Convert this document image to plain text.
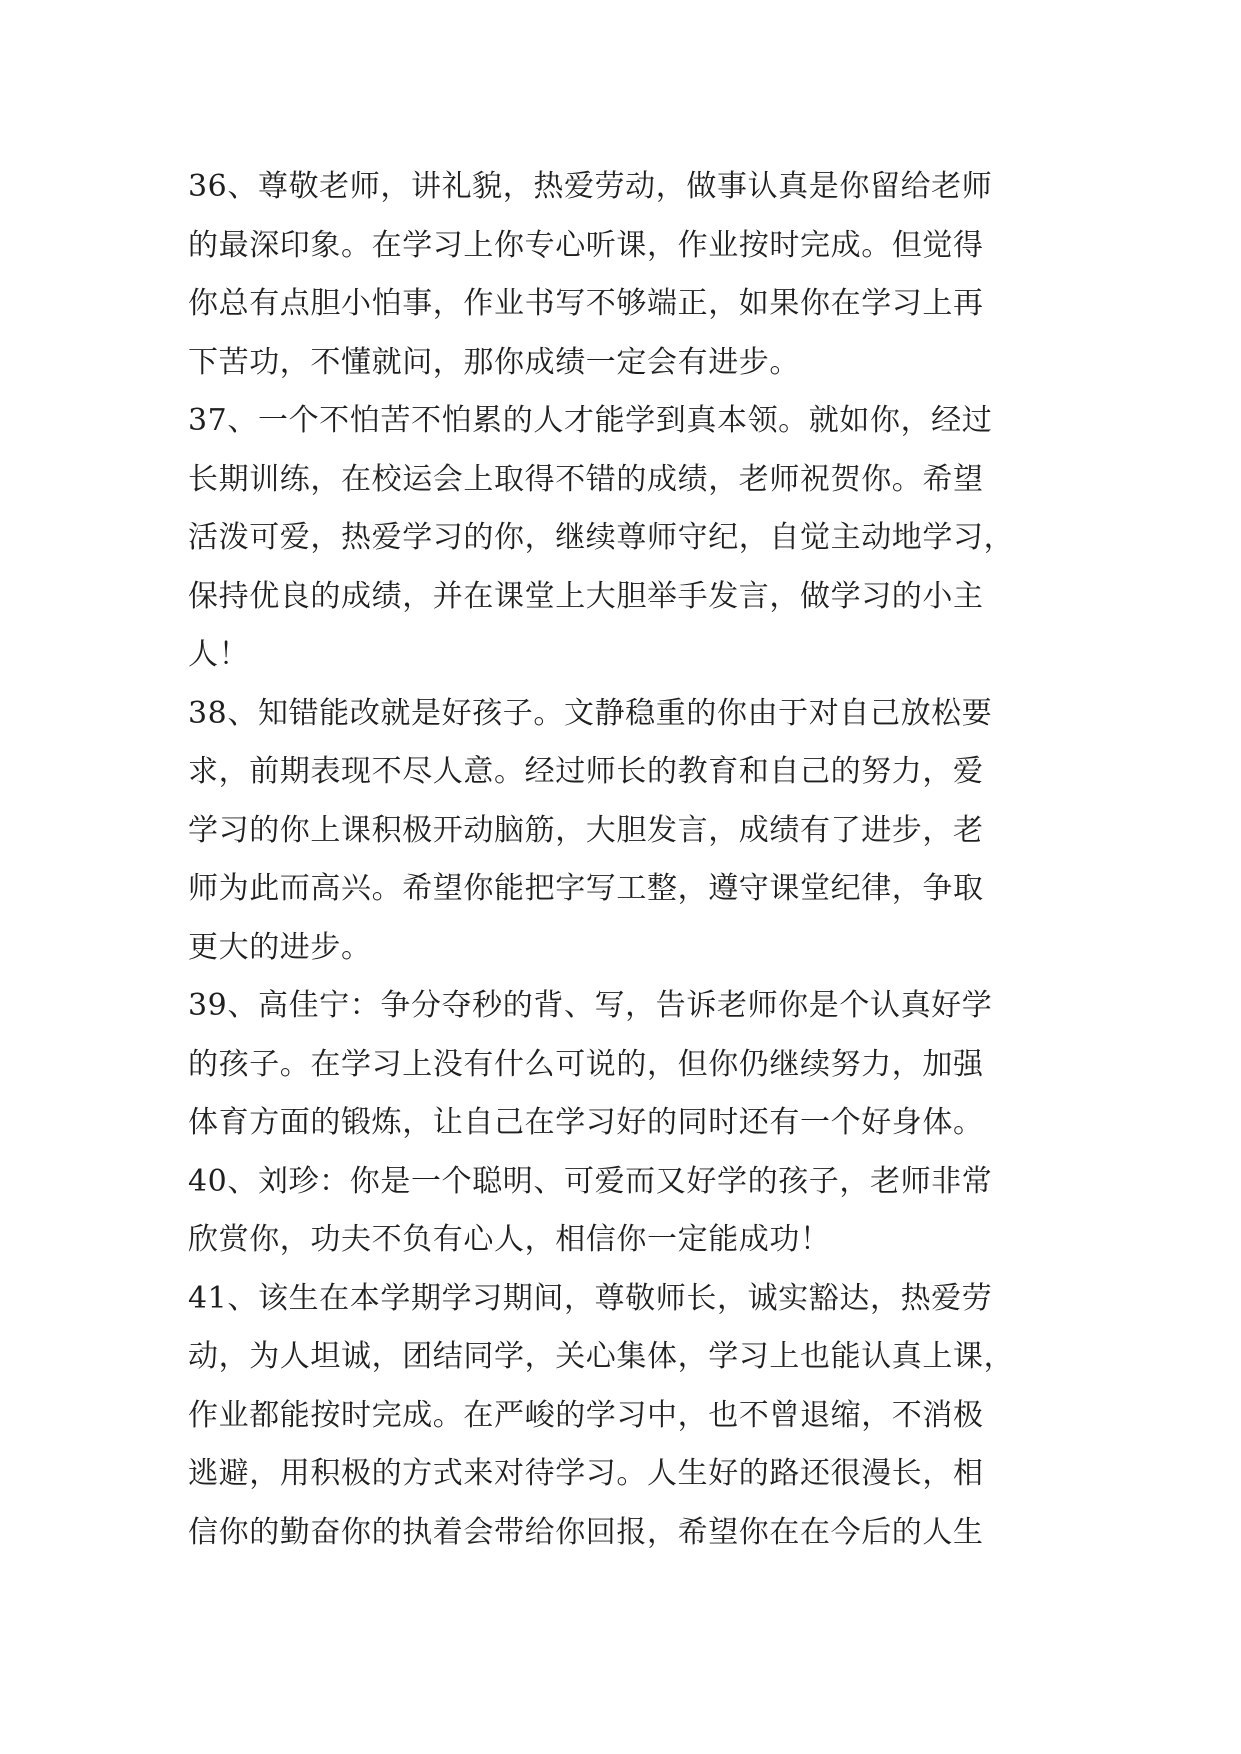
36、尊敬老师，讲礼貌，热爱劳动，做事认真是你留给老师
的最深印象。在学习上你专心听课，作业按时完成。但觉得
你总有点胆小怕事，作业书写不够端正，如果你在学习上再
下苦功，不懂就问，那你成绩一定会有进步。
37、一个不怕苦不怕累的人才能学到真本领。就如你，经过
长期训练，在校运会上取得不错的成绩，老师祝贺你。希望
活泼可爱，热爱学习的你，继续尊师守纪，自觉主动地学习，
保持优良的成绩，并在课堂上大胆举手发言，做学习的小主
人！
38、知错能改就是好孩子。文静稳重的你由于对自己放松要
求，前期表现不尽人意。经过师长的教育和自己的努力，爱
学习的你上课积极开动脑筋，大胆发言，成绩有了进步，老
师为此而高兴。希望你能把字写工整，遵守课堂纪律，争取
更大的进步。
39、高佳宁：争分夺秒的背、写，告诉老师你是个认真好学
的孩子。在学习上没有什么可说的，但你仍继续努力，加强
体育方面的锻炼，让自己在学习好的同时还有一个好身体。
40、刘珍：你是一个聪明、可爱而又好学的孩子，老师非常
欣赏你，功夫不负有心人，相信你一定能成功！
41、该生在本学期学习期间，尊敬师长，诚实豁达，热爱劳
动，为人坦诚，团结同学，关心集体，学习上也能认真上课，
作业都能按时完成。在严峻的学习中，也不曾退缩，不消极
逃避，用积极的方式来对待学习。人生好的路还很漫长，相
信你的勤奋你的执着会带给你回报，希望你在在今后的人生
